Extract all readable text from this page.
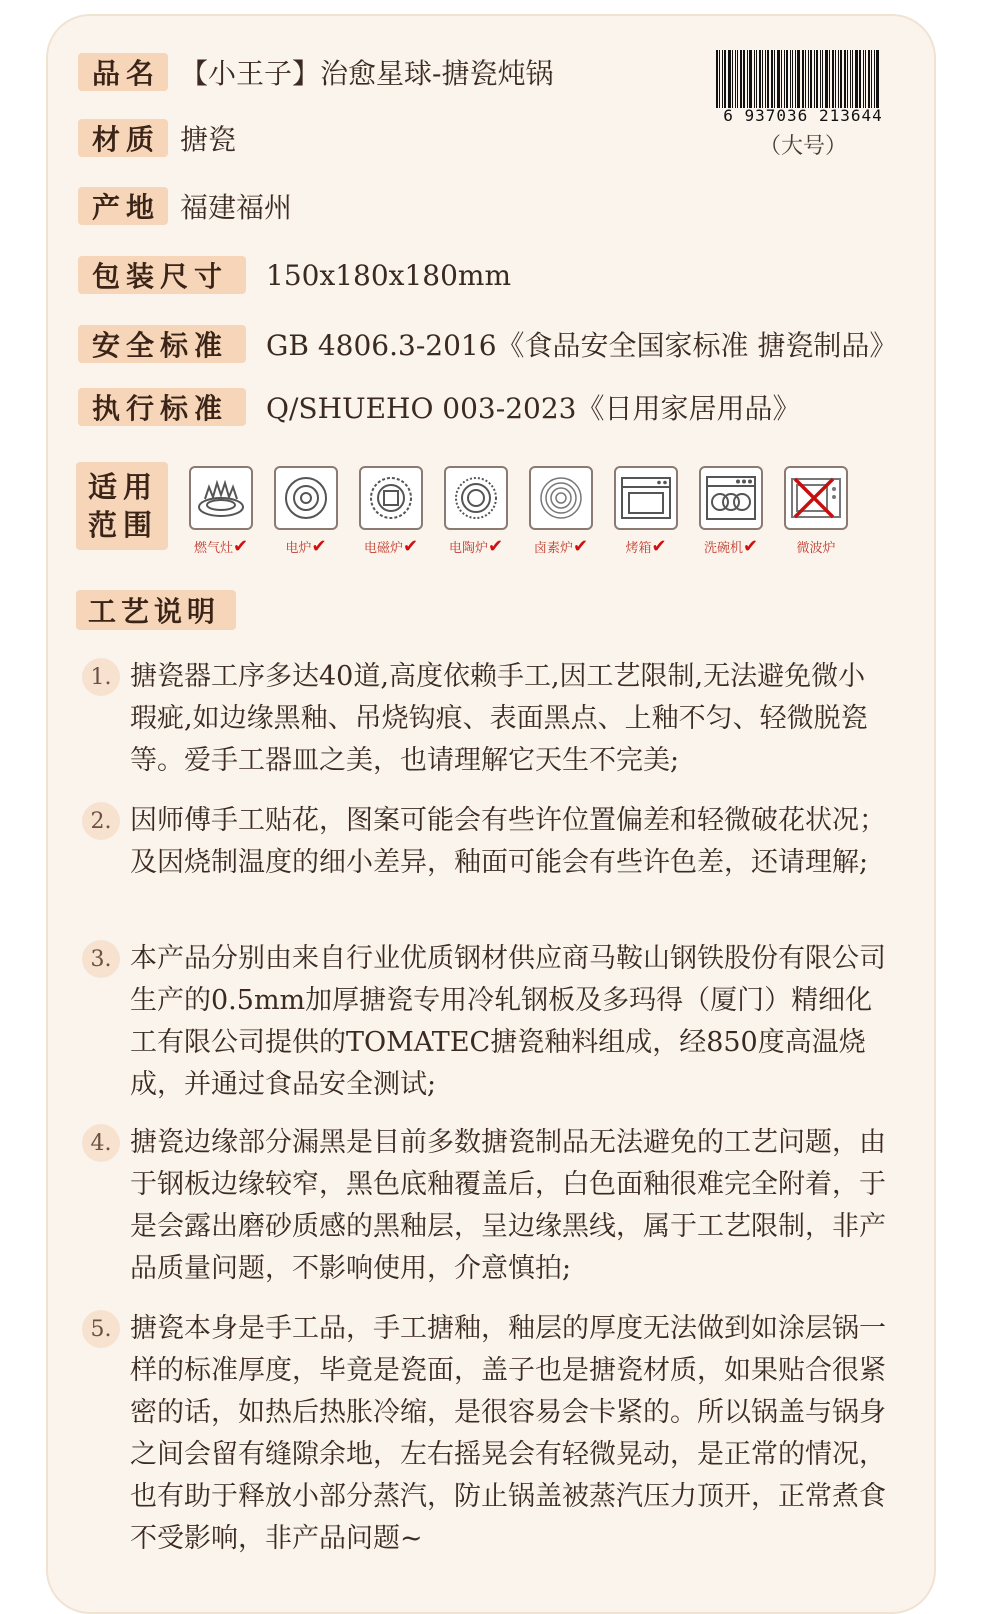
品名 【小王子】治愈星球-搪瓷炖锅
材质 搪瓷
产地 福建福州
包装尺寸	150x180x180mm
安全标准	GB 4806.3-2016《食品安全国家标准 搪瓷制品》
执行标准	Q/SHUEHO 003-2023《日用家居用品》
6 937036 213644
（大号）
适用范围
燃气灶✔	电炉✔	电磁炉✔	电陶炉✔	卤素炉✔	烤箱✔	洗碗机✔	微波炉
工艺说明
1. 搪瓷器工序多达40道,高度依赖手工,因工艺限制,无法避免微小瑕疵,如边缘黑釉、吊烧钩痕、表面黑点、上釉不匀、轻微脱瓷等。爱手工器皿之美，也请理解它天生不完美;
2. 因师傅手工贴花，图案可能会有些许位置偏差和轻微破花状况；及因烧制温度的细小差异，釉面可能会有些许色差，还请理解;
3. 本产品分别由来自行业优质钢材供应商马鞍山钢铁股份有限公司生产的0.5mm加厚搪瓷专用冷轧钢板及多玛得（厦门）精细化工有限公司提供的TOMATEC搪瓷釉料组成，经850度高温烧成，并通过食品安全测试;
4. 搪瓷边缘部分漏黑是目前多数搪瓷制品无法避免的工艺问题，由于钢板边缘较窄，黑色底釉覆盖后，白色面釉很难完全附着，于是会露出磨砂质感的黑釉层，呈边缘黑线，属于工艺限制，非产品质量问题，不影响使用，介意慎拍;
5. 搪瓷本身是手工品，手工搪釉，釉层的厚度无法做到如涂层锅一样的标准厚度，毕竟是瓷面，盖子也是搪瓷材质，如果贴合很紧密的话，如热后热胀冷缩，是很容易会卡紧的。所以锅盖与锅身之间会留有缝隙余地，左右摇晃会有轻微晃动，是正常的情况，也有助于释放小部分蒸汽，防止锅盖被蒸汽压力顶开，正常煮食不受影响，非产品问题~
